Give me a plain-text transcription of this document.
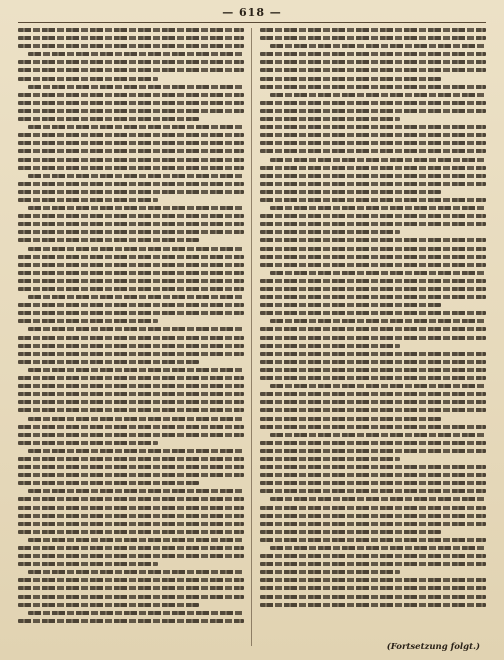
— 618 —
(Fortsetzung folgt.)
